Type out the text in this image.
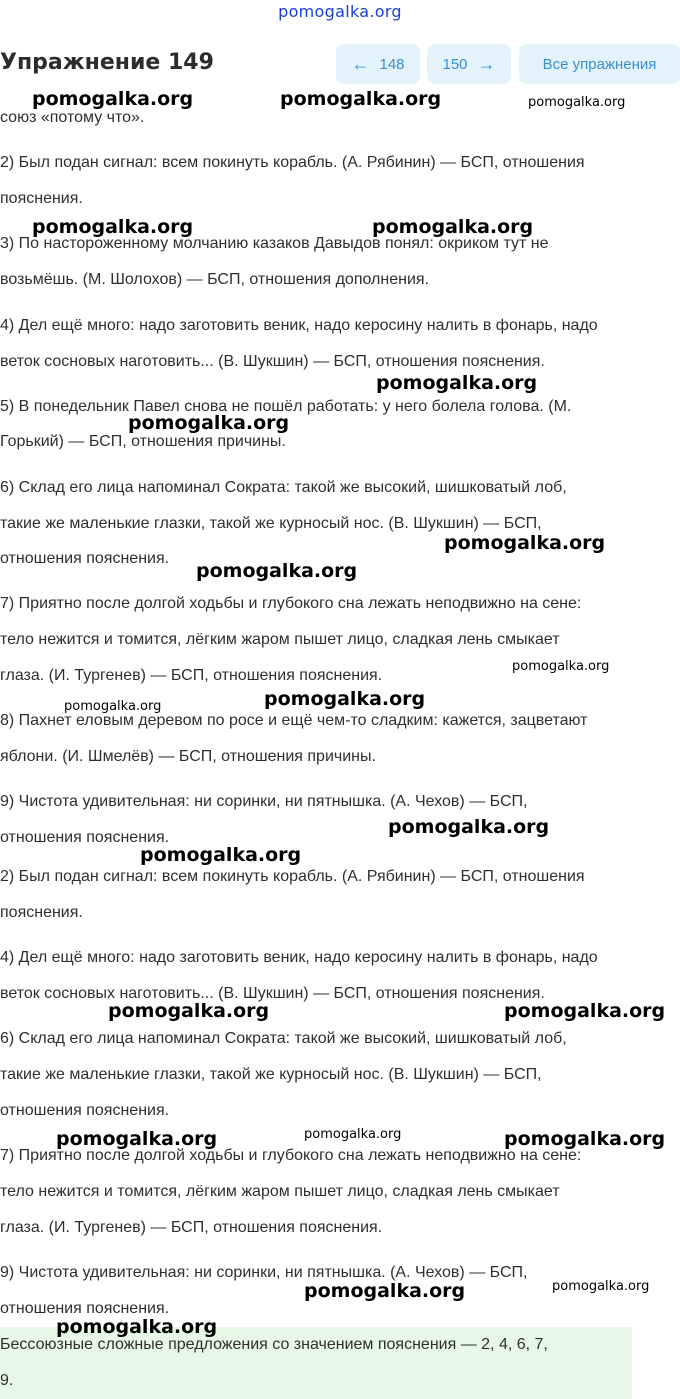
pomogalka.org
Упражнение 149	← 148	150 →	Все упражнения
союз «потому что».
2) Был подан сигнал: всем покинуть корабль. (А. Рябинин) — БСП, отношения
пояснения.
3) По настороженному молчанию казаков Давыдов понял: окриком тут не
возьмёшь. (М. Шолохов) — БСП, отношения дополнения.
4) Дел ещё много: надо заготовить веник, надо керосину налить в фонарь, надо
веток сосновых наготовить... (В. Шукшин) — БСП, отношения пояснения.
5) В понедельник Павел снова не пошёл работать: у него болела голова. (М.
Горький) — БСП, отношения причины.
6) Склад его лица напоминал Сократа: такой же высокий, шишковатый лоб,
такие же маленькие глазки, такой же курносый нос. (В. Шукшин) — БСП,
отношения пояснения.
7) Приятно после долгой ходьбы и глубокого сна лежать неподвижно на сене:
тело нежится и томится, лёгким жаром пышет лицо, сладкая лень смыкает
глаза. (И. Тургенев) — БСП, отношения пояснения.
8) Пахнет еловым деревом по росе и ещё чем-то сладким: кажется, зацветают
яблони. (И. Шмелёв) — БСП, отношения причины.
9) Чистота удивительная: ни соринки, ни пятнышка. (А. Чехов) — БСП,
отношения пояснения.
2) Был подан сигнал: всем покинуть корабль. (А. Рябинин) — БСП, отношения
пояснения.
4) Дел ещё много: надо заготовить веник, надо керосину налить в фонарь, надо
веток сосновых наготовить... (В. Шукшин) — БСП, отношения пояснения.
6) Склад его лица напоминал Сократа: такой же высокий, шишковатый лоб,
такие же маленькие глазки, такой же курносый нос. (В. Шукшин) — БСП,
отношения пояснения.
7) Приятно после долгой ходьбы и глубокого сна лежать неподвижно на сене:
тело нежится и томится, лёгким жаром пышет лицо, сладкая лень смыкает
глаза. (И. Тургенев) — БСП, отношения пояснения.
9) Чистота удивительная: ни соринки, ни пятнышка. (А. Чехов) — БСП,
отношения пояснения.
Бессоюзные сложные предложения со значением пояснения — 2, 4, 6, 7,
9.
pomogalka.org	pomogalka.org	pomogalka.org
pomogalka.org	pomogalka.org
pomogalka.org
pomogalka.org
pomogalka.org
pomogalka.org
pomogalka.org
pomogalka.org
pomogalka.org
pomogalka.org
pomogalka.org
pomogalka.org	pomogalka.org
pomogalka.org	pomogalka.org	pomogalka.org
pomogalka.org	pomogalka.org
pomogalka.org
